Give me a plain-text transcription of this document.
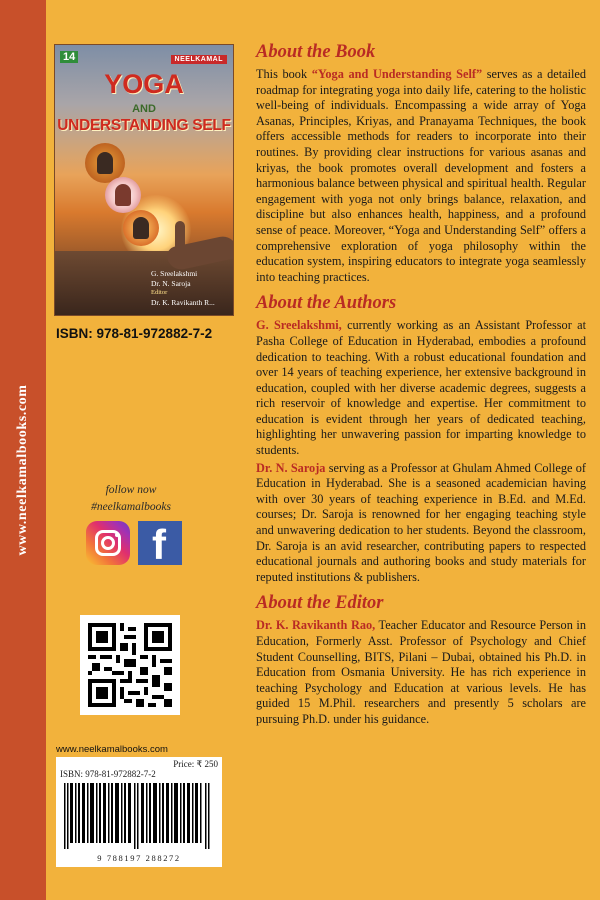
www.neelkamalbooks.com
14	NEELKAMAL
YOGA
AND
UNDERSTANDING SELF
G. Sreelakshmi
Dr. N. Saroja
Editor
Dr. K. Ravikanth R...
ISBN: 978-81-972882-7-2
follow now
#neelkamalbooks
f
www.neelkamalbooks.com
Price: ₹ 250
ISBN: 978-81-972882-7-2
9 788197 288272
About the Book

This book “Yoga and Understanding Self” serves as a detailed roadmap for integrating yoga into daily life, catering to the holistic well-being of individuals. Encompassing a wide array of Yoga Asanas, Principles, Kriyas, and Pranayama Techniques, the book offers accessible methods for readers to incorporate into their routines. By providing clear instructions for various asanas and kriyas, the book promotes overall development and fosters a harmonious balance between physical and spiritual health. Regular engagement with yoga not only brings balance, relaxation, and discipline but also enhances health, happiness, and a profound sense of peace. Moreover, “Yoga and Understanding Self” offers a comprehensive exploration of yoga philosophy within the education system, inspiring educators to integrate yoga seamlessly into teaching practices.

About the Authors

G. Sreelakshmi, currently working as an Assistant Professor at Pasha College of Education in Hyderabad, embodies a profound dedication to teaching. With a robust educational foundation and over 14 years of teaching experience, her extensive background in education, coupled with her diverse academic degrees, suggests a rich reservoir of knowledge and expertise. Her commitment to education is evident through her years of dedicated teaching, highlighting her unwavering passion for imparting knowledge to students.

Dr. N. Saroja serving as a Professor at Ghulam Ahmed College of Education in Hyderabad. She is a seasoned academician having with over 30 years of teaching experience in B.Ed. and M.Ed. courses; Dr. Saroja is renowned for her engaging teaching style and unwavering dedication to her students. Beyond the classroom, Dr. Saroja is an avid researcher, contributing papers to respected educational journals and authoring books and study materials for reputed institutions & publishers.

About the Editor

Dr. K. Ravikanth Rao, Teacher Educator and Resource Person in Education, Formerly Asst. Professor of Psychology and Chief Student Counselling, BITS, Pilani – Dubai, obtained his Ph.D. in Education from Osmania University. He has rich experience in teaching Psychology and Education at various levels. He has guided 15 M.Phil. researchers and presently 5 scholars are pursuing Ph.D. under his guidance.
